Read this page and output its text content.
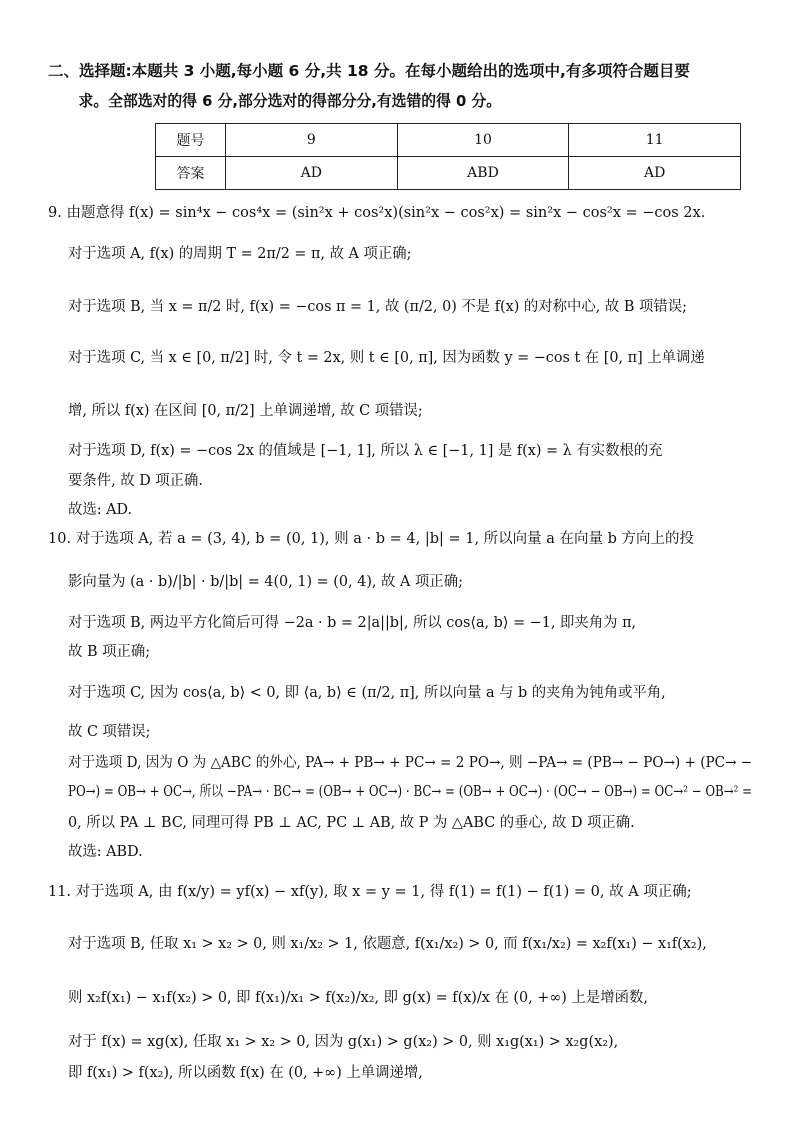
二、选择题:本题共 3 小题,每小题 6 分,共 18 分。在每小题给出的选项中,有多项符合题目要
求。全部选对的得 6 分,部分选对的得部分分,有选错的得 0 分。

题号	9	10	11
答案	AD	ABD	AD

9. 由题意得 f(x) = sin⁴x − cos⁴x = (sin²x + cos²x)(sin²x − cos²x) = sin²x − cos²x = −cos 2x.

对于选项 A, f(x) 的周期 T = 2π/2 = π, 故 A 项正确;

对于选项 B, 当 x = π/2 时, f(x) = −cos π = 1, 故 (π/2, 0) 不是 f(x) 的对称中心, 故 B 项错误;

对于选项 C, 当 x ∈ [0, π/2] 时, 令 t = 2x, 则 t ∈ [0, π], 因为函数 y = −cos t 在 [0, π] 上单调递

增, 所以 f(x) 在区间 [0, π/2] 上单调递增, 故 C 项错误;

对于选项 D, f(x) = −cos 2x 的值域是 [−1, 1], 所以 λ ∈ [−1, 1] 是 f(x) = λ 有实数根的充

要条件, 故 D 项正确.

故选: AD.

10. 对于选项 A, 若 a = (3, 4), b = (0, 1), 则 a · b = 4, |b| = 1, 所以向量 a 在向量 b 方向上的投

影向量为 (a · b)/|b| · b/|b| = 4(0, 1) = (0, 4), 故 A 项正确;

对于选项 B, 两边平方化简后可得 −2a · b = 2|a||b|, 所以 cos⟨a, b⟩ = −1, 即夹角为 π,

故 B 项正确;

对于选项 C, 因为 cos⟨a, b⟩ < 0, 即 ⟨a, b⟩ ∈ (π/2, π], 所以向量 a 与 b 的夹角为钝角或平角,

故 C 项错误;

对于选项 D, 因为 O 为 △ABC 的外心, PA→ + PB→ + PC→ = 2 PO→, 则 −PA→ = (PB→ − PO→) + (PC→ −

PO→) = OB→ + OC→, 所以 −PA→ · BC→ = (OB→ + OC→) · BC→ = (OB→ + OC→) · (OC→ − OB→) = OC→² − OB→² =

0, 所以 PA ⊥ BC, 同理可得 PB ⊥ AC, PC ⊥ AB, 故 P 为 △ABC 的垂心, 故 D 项正确.

故选: ABD.

11. 对于选项 A, 由 f(x/y) = yf(x) − xf(y), 取 x = y = 1, 得 f(1) = f(1) − f(1) = 0, 故 A 项正确;

对于选项 B, 任取 x₁ > x₂ > 0, 则 x₁/x₂ > 1, 依题意, f(x₁/x₂) > 0, 而 f(x₁/x₂) = x₂f(x₁) − x₁f(x₂),

则 x₂f(x₁) − x₁f(x₂) > 0, 即 f(x₁)/x₁ > f(x₂)/x₂, 即 g(x) = f(x)/x 在 (0, +∞) 上是增函数,

对于 f(x) = xg(x), 任取 x₁ > x₂ > 0, 因为 g(x₁) > g(x₂) > 0, 则 x₁g(x₁) > x₂g(x₂),

即 f(x₁) > f(x₂), 所以函数 f(x) 在 (0, +∞) 上单调递增,
